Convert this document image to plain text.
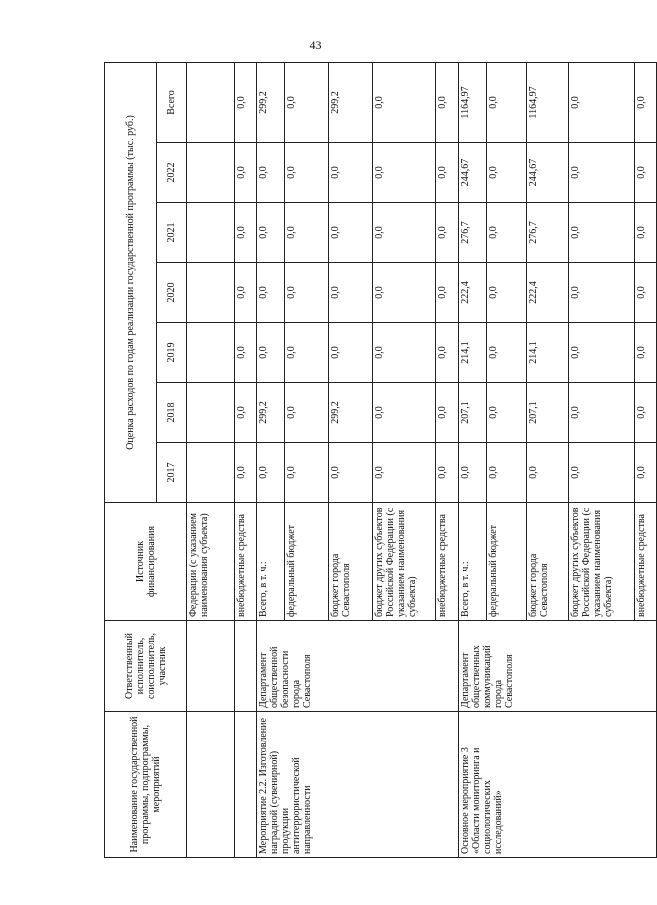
43
Наименование государственной программы, подпрограммы, мероприятий	Ответственный исполнитель, соисполнитель, участник	Источник финансирования	Оценка расходов по годам реализации государственной программы (тыс. руб.)						
			2017	2018	2019	2020	2021	2022	Всего
		Федерации (с указанием наименования субъекта)							
		внебюджетные средства	0,0	0,0	0,0	0,0	0,0	0,0	0,0
Мероприятие 2.2. Изготовление наградной (сувенирной) продукции антитеррористической направленности	Департамент общественной безопасности города Севастополя	Всего, в т. ч.:	0,0	299,2	0,0	0,0	0,0	0,0	299,2
		федеральный бюджет	0,0	0,0	0,0	0,0	0,0	0,0	0,0
		бюджет города Севастополя	0,0	299,2	0,0	0,0	0,0	0,0	299,2
		бюджет других субъектов Российской Федерации (с указанием наименования субъекта)	0,0	0,0	0,0	0,0	0,0	0,0	0,0
		внебюджетные средства	0,0	0,0	0,0	0,0	0,0	0,0	0,0
Основное мероприятие 3 «Области мониторинга и социологических исследований»	Департамент общественных коммуникаций города Севастополя	Всего, в т. ч.:	0,0	207,1	214,1	222,4	276,7	244,67	1164,97
		федеральный бюджет	0,0	0,0	0,0	0,0	0,0	0,0	0,0
		бюджет города Севастополя	0,0	207,1	214,1	222,4	276,7	244,67	1164,97
		бюджет других субъектов Российской Федерации (с указанием наименования субъекта)	0,0	0,0	0,0	0,0	0,0	0,0	0,0
		внебюджетные средства	0,0	0,0	0,0	0,0	0,0	0,0	0,0
